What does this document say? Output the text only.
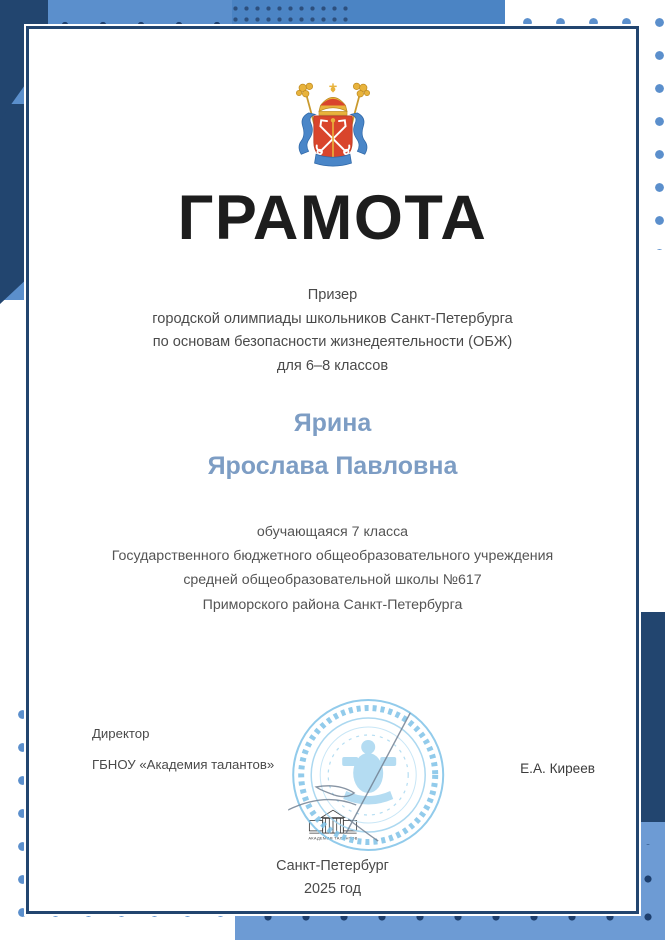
ГРАМОТА
Призер
городской олимпиады школьников Санкт-Петербурга
по основам безопасности жизнедеятельности (ОБЖ)
для 6–8 классов
Ярина
Ярослава Павловна
обучающаяся 7 класса
Государственного бюджетного общеобразовательного учреждения
средней общеобразовательной школы №617
Приморского района Санкт-Петербурга
Директор
ГБНОУ «Академия талантов»	Е.А. Киреев
АКАДЕМИЯ ТАЛАНТОВ
Санкт-Петербург
2025 год
